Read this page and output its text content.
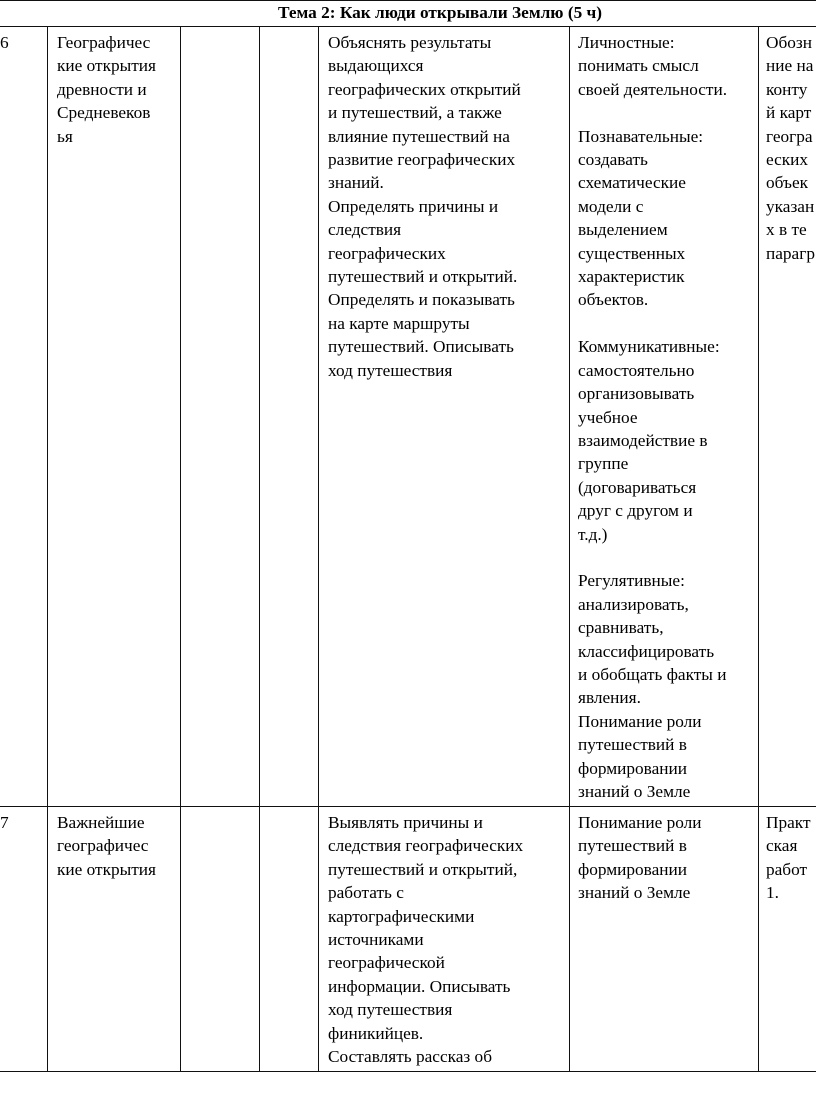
Тема 2: Как люди открывали Землю (5 ч)
6	Географичес
кие открытия
древности и
Средневеков
ья
Объяснять результаты
выдающихся
географических открытий
и путешествий, а также
влияние путешествий на
развитие географических
знаний.
Определять причины и
следствия
географических
путешествий и открытий.
Определять и показывать
на карте маршруты
путешествий. Описывать
ход путешествия
Личностные:
понимать смысл
своей деятельности.

Познавательные:
создавать
схематические
модели с
выделением
существенных
характеристик
объектов.

Коммуникативные:
самостоятельно
организовывать
учебное
взаимодействие в
группе
(договариваться
друг с другом и
т.д.)

Регулятивные:
анализировать,
сравнивать,
классифицировать
и обобщать факты и
явления.
Понимание роли
путешествий в
формировании
знаний о Земле
Обозн
ние на
конту
й карт
геогра
еских
объек
указан
х в те
парагр
7	Важнейшие
географичес
кие открытия
Выявлять причины и
следствия географических
путешествий и открытий,
работать с
картографическими
источниками
географической
информации. Описывать
ход путешествия
финикийцев.
Составлять рассказ об
Понимание роли
путешествий в
формировании
знаний о Земле
Практ
ская
работ
1.
